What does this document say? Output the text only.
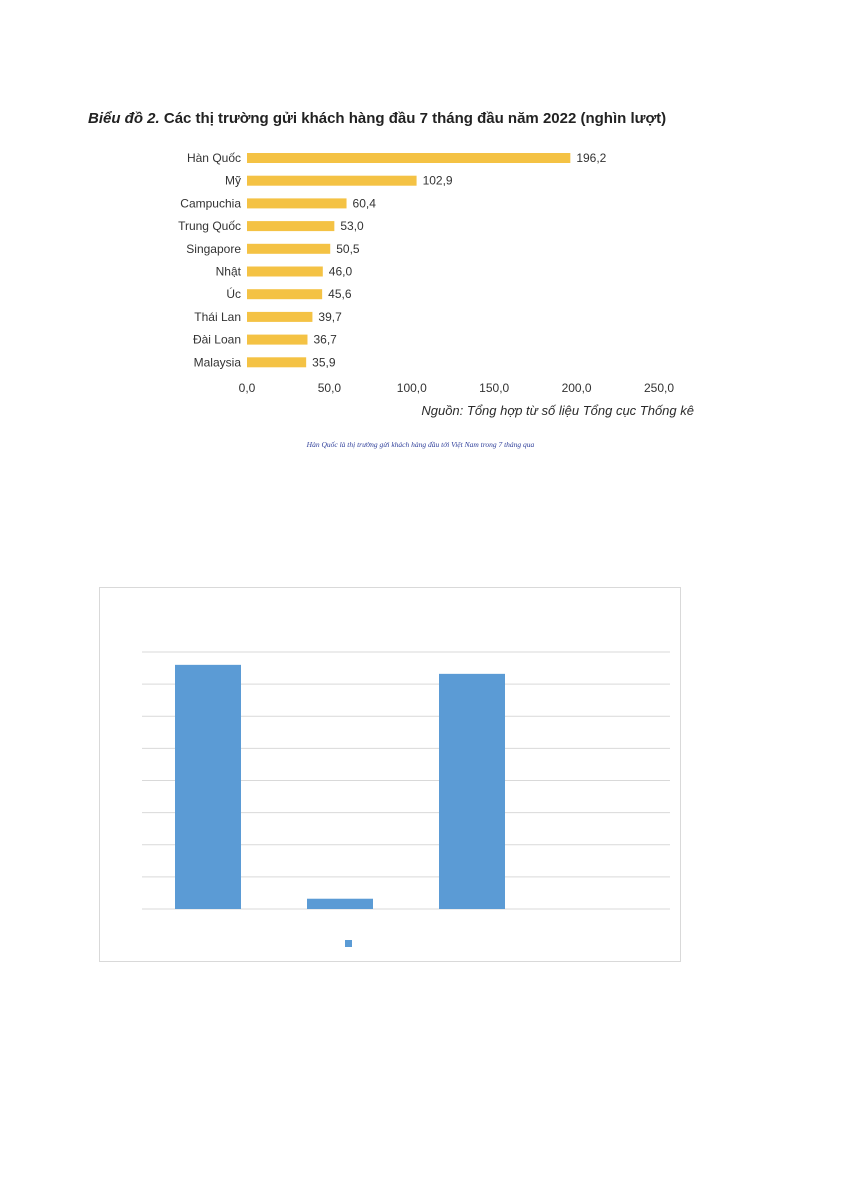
Biểu đồ 2. Các thị trường gửi khách hàng đầu 7 tháng đầu năm 2022 (nghìn lượt)
Hàn Quốc	196,2
Mỹ	102,9
Campuchia	60,4
Trung Quốc	53,0
Singapore	50,5
Nhật	46,0
Úc	45,6
Thái Lan	39,7
Đài Loan	36,7
Malaysia	35,9
0,0	50,0	100,0	150,0	200,0	250,0
Nguồn: Tổng hợp từ số liệu Tổng cục Thống kê
Hàn Quốc là thị trường gửi khách hàng đầu tới Việt Nam trong 7 tháng qua
